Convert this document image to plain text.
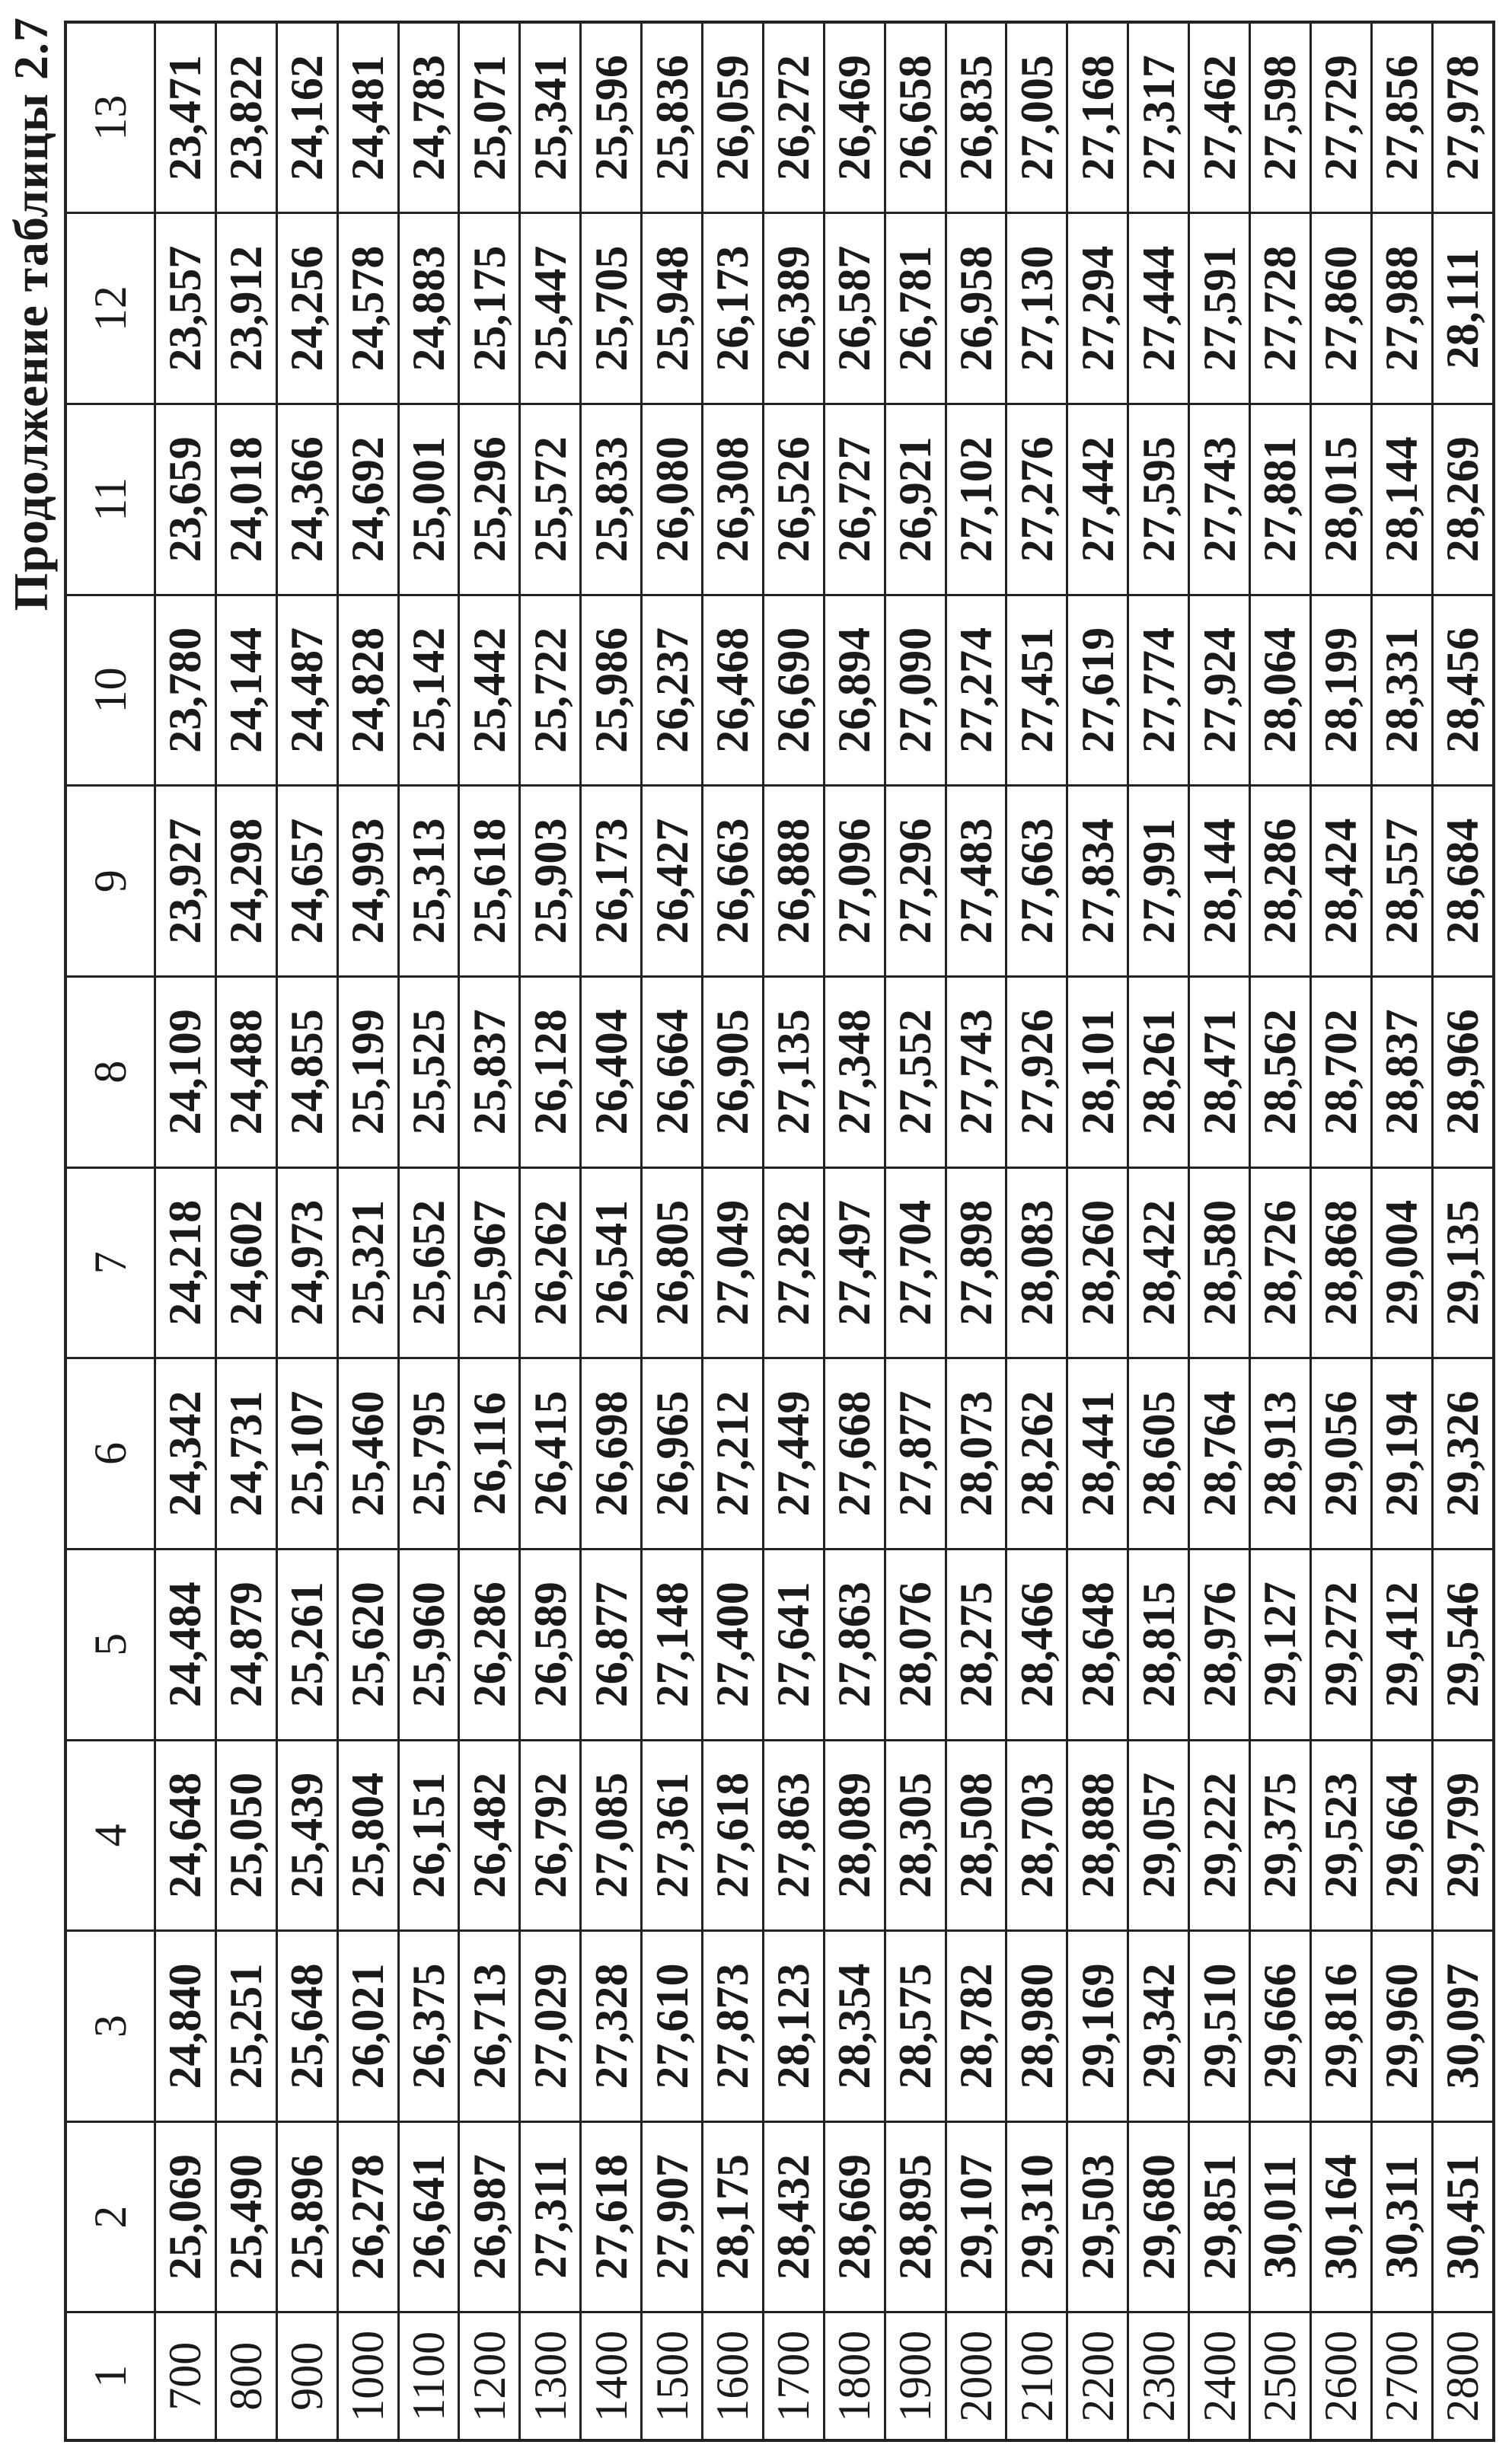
Продолжение таблицы 2.7
1	2	3	4	5	6	7	8	9	10	11	12	13
700	25,069	24,840	24,648	24,484	24,342	24,218	24,109	23,927	23,780	23,659	23,557	23,471
800	25,490	25,251	25,050	24,879	24,731	24,602	24,488	24,298	24,144	24,018	23,912	23,822
900	25,896	25,648	25,439	25,261	25,107	24,973	24,855	24,657	24,487	24,366	24,256	24,162
1000	26,278	26,021	25,804	25,620	25,460	25,321	25,199	24,993	24,828	24,692	24,578	24,481
1100	26,641	26,375	26,151	25,960	25,795	25,652	25,525	25,313	25,142	25,001	24,883	24,783
1200	26,987	26,713	26,482	26,286	26,116	25,967	25,837	25,618	25,442	25,296	25,175	25,071
1300	27,311	27,029	26,792	26,589	26,415	26,262	26,128	25,903	25,722	25,572	25,447	25,341
1400	27,618	27,328	27,085	26,877	26,698	26,541	26,404	26,173	25,986	25,833	25,705	25,596
1500	27,907	27,610	27,361	27,148	26,965	26,805	26,664	26,427	26,237	26,080	25,948	25,836
1600	28,175	27,873	27,618	27,400	27,212	27,049	26,905	26,663	26,468	26,308	26,173	26,059
1700	28,432	28,123	27,863	27,641	27,449	27,282	27,135	26,888	26,690	26,526	26,389	26,272
1800	28,669	28,354	28,089	27,863	27,668	27,497	27,348	27,096	26,894	26,727	26,587	26,469
1900	28,895	28,575	28,305	28,076	27,877	27,704	27,552	27,296	27,090	26,921	26,781	26,658
2000	29,107	28,782	28,508	28,275	28,073	27,898	27,743	27,483	27,274	27,102	26,958	26,835
2100	29,310	28,980	28,703	28,466	28,262	28,083	27,926	27,663	27,451	27,276	27,130	27,005
2200	29,503	29,169	28,888	28,648	28,441	28,260	28,101	27,834	27,619	27,442	27,294	27,168
2300	29,680	29,342	29,057	28,815	28,605	28,422	28,261	27,991	27,774	27,595	27,444	27,317
2400	29,851	29,510	29,222	28,976	28,764	28,580	28,471	28,144	27,924	27,743	27,591	27,462
2500	30,011	29,666	29,375	29,127	28,913	28,726	28,562	28,286	28,064	27,881	27,728	27,598
2600	30,164	29,816	29,523	29,272	29,056	28,868	28,702	28,424	28,199	28,015	27,860	27,729
2700	30,311	29,960	29,664	29,412	29,194	29,004	28,837	28,557	28,331	28,144	27,988	27,856
2800	30,451	30,097	29,799	29,546	29,326	29,135	28,966	28,684	28,456	28,269	28,111	27,978
